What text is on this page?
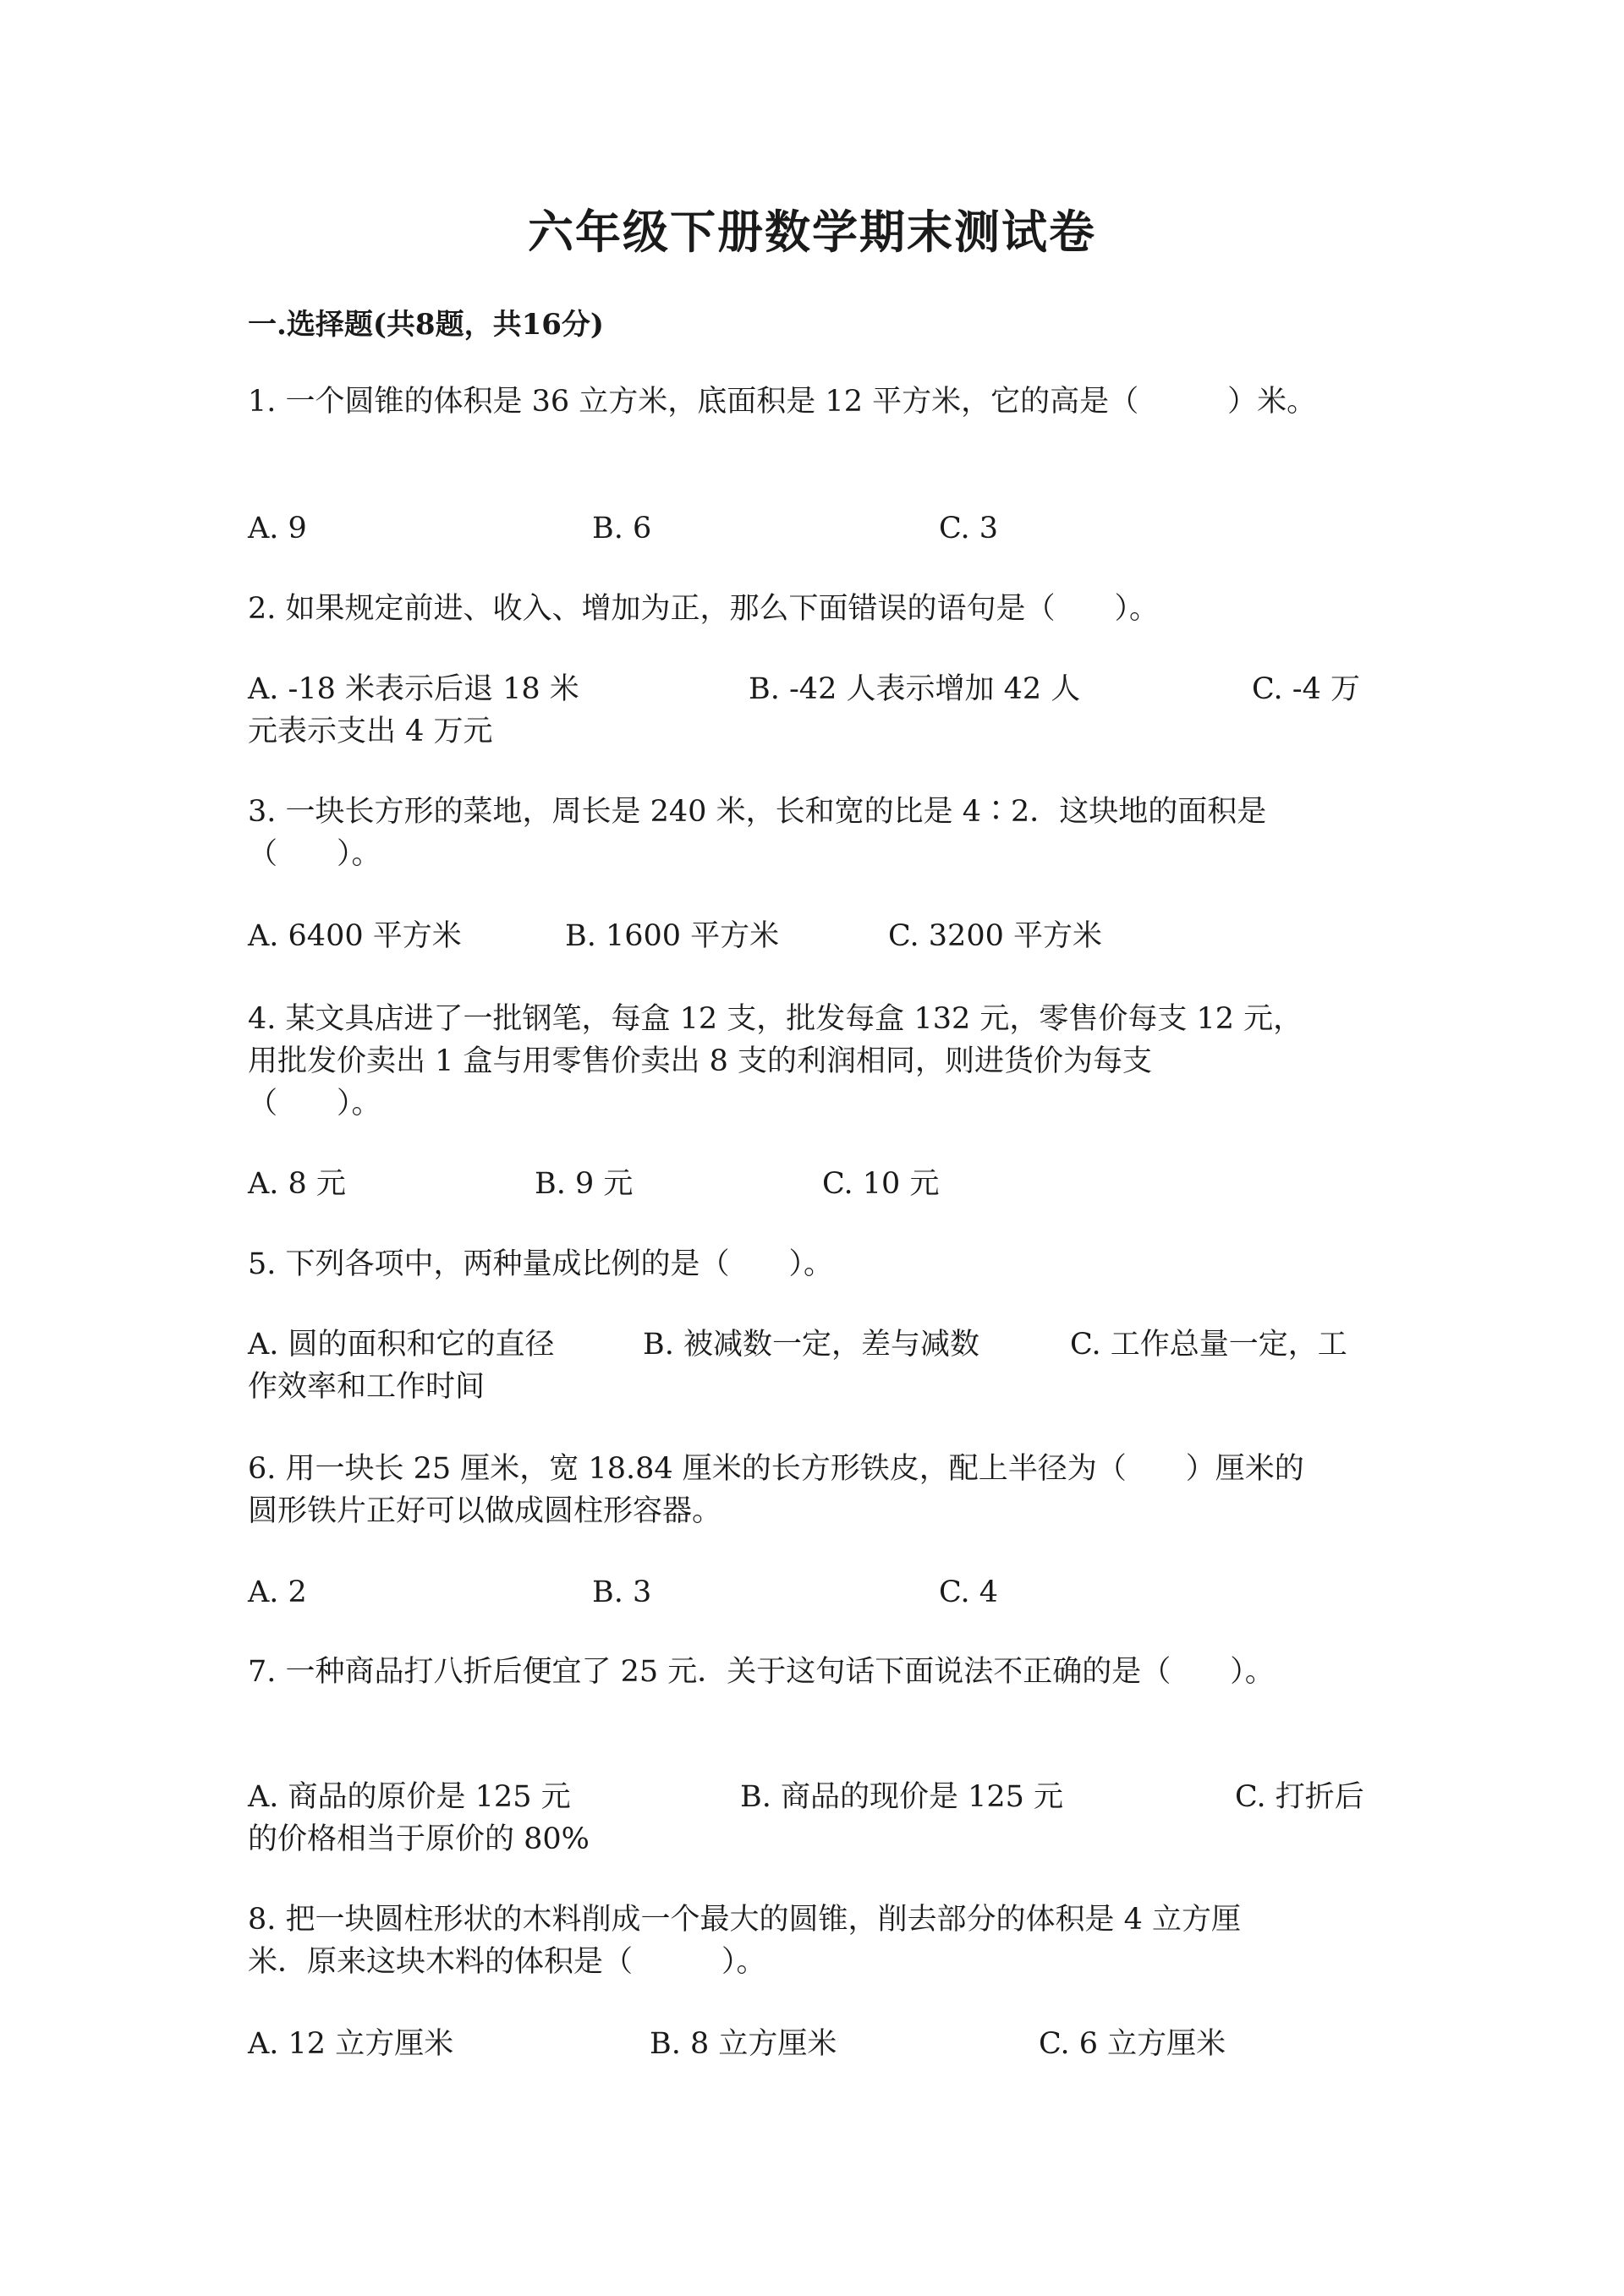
六年级下册数学期末测试卷
一.选择题(共8题，共16分)
1. 一个圆锥的体积是 36 立方米，底面积是 12 平方米，它的高是（　　　）米。
A. 9	B. 6	C. 3
2. 如果规定前进、收入、增加为正，那么下面错误的语句是（　　）。
A. -18 米表示后退 18 米	B. -42 人表示增加 42 人	C. -4 万
元表示支出 4 万元
3. 一块长方形的菜地，周长是 240 米，长和宽的比是 4∶2．这块地的面积是
（　　）。
A. 6400 平方米	B. 1600 平方米	C. 3200 平方米
4. 某文具店进了一批钢笔，每盒 12 支，批发每盒 132 元，零售价每支 12 元，
用批发价卖出 1 盒与用零售价卖出 8 支的利润相同，则进货价为每支
（　　）。
A. 8 元	B. 9 元	C. 10 元
5. 下列各项中，两种量成比例的是（　　）。
A. 圆的面积和它的直径	B. 被减数一定，差与减数	C. 工作总量一定，工
作效率和工作时间
6. 用一块长 25 厘米，宽 18.84 厘米的长方形铁皮，配上半径为（　　）厘米的
圆形铁片正好可以做成圆柱形容器。
A. 2	B. 3	C. 4
7. 一种商品打八折后便宜了 25 元．关于这句话下面说法不正确的是（　　）。
A. 商品的原价是 125 元	B. 商品的现价是 125 元	C. 打折后
的价格相当于原价的 80%
8. 把一块圆柱形状的木料削成一个最大的圆锥，削去部分的体积是 4 立方厘
米．原来这块木料的体积是（　　　）。
A. 12 立方厘米	B. 8 立方厘米	C. 6 立方厘米
